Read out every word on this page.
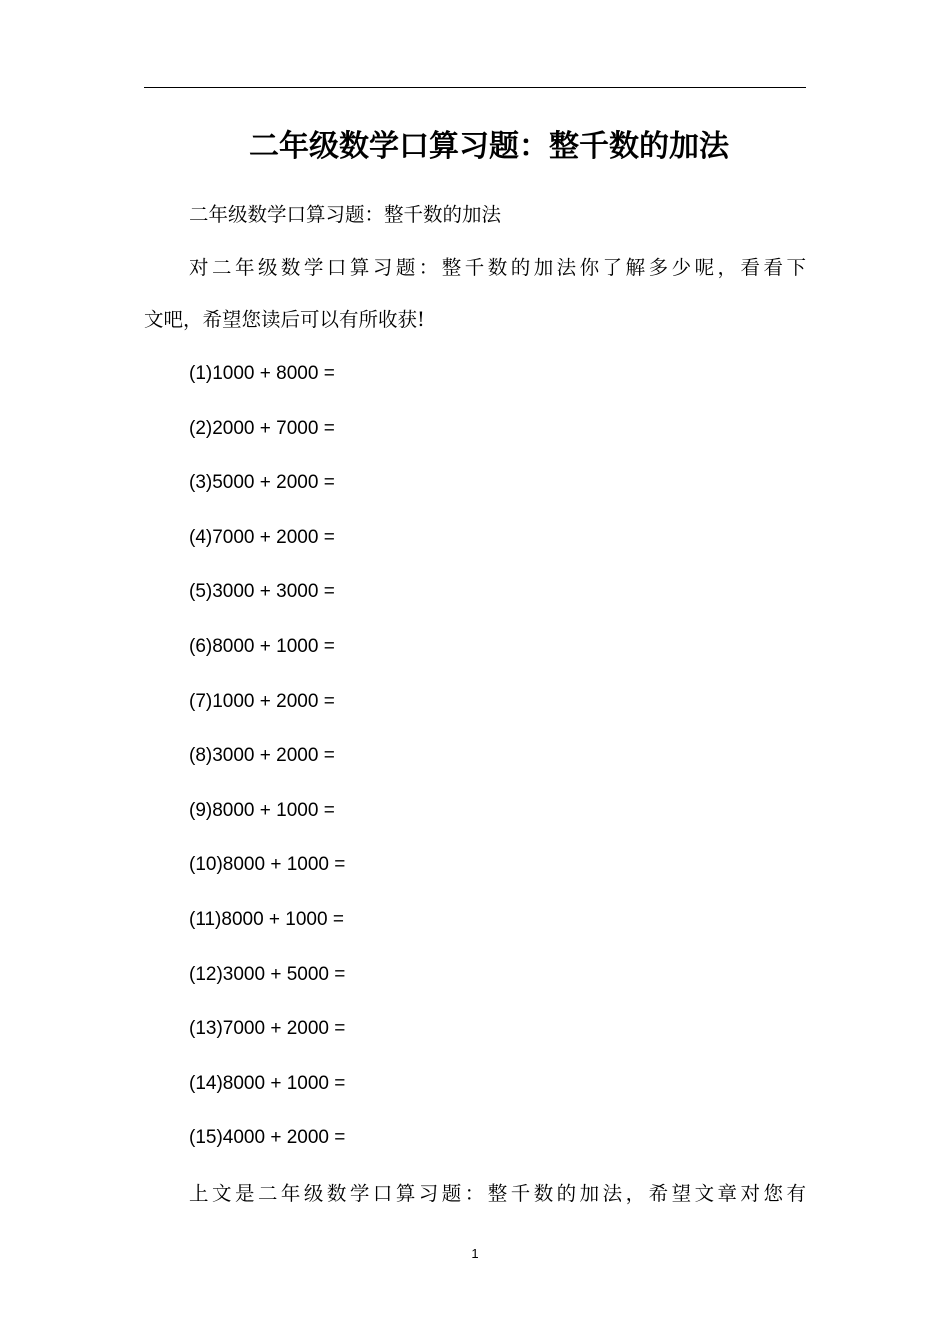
二年级数学口算习题：整千数的加法
二年级数学口算习题：整千数的加法
对二年级数学口算习题：整千数的加法你了解多少呢，看看下
文吧，希望您读后可以有所收获!
(1)1000 + 8000 =
(2)2000 + 7000 =
(3)5000 + 2000 =
(4)7000 + 2000 =
(5)3000 + 3000 =
(6)8000 + 1000 =
(7)1000 + 2000 =
(8)3000 + 2000 =
(9)8000 + 1000 =
(10)8000 + 1000 =
(11)8000 + 1000 =
(12)3000 + 5000 =
(13)7000 + 2000 =
(14)8000 + 1000 =
(15)4000 + 2000 =
上文是二年级数学口算习题：整千数的加法，希望文章对您有
1
